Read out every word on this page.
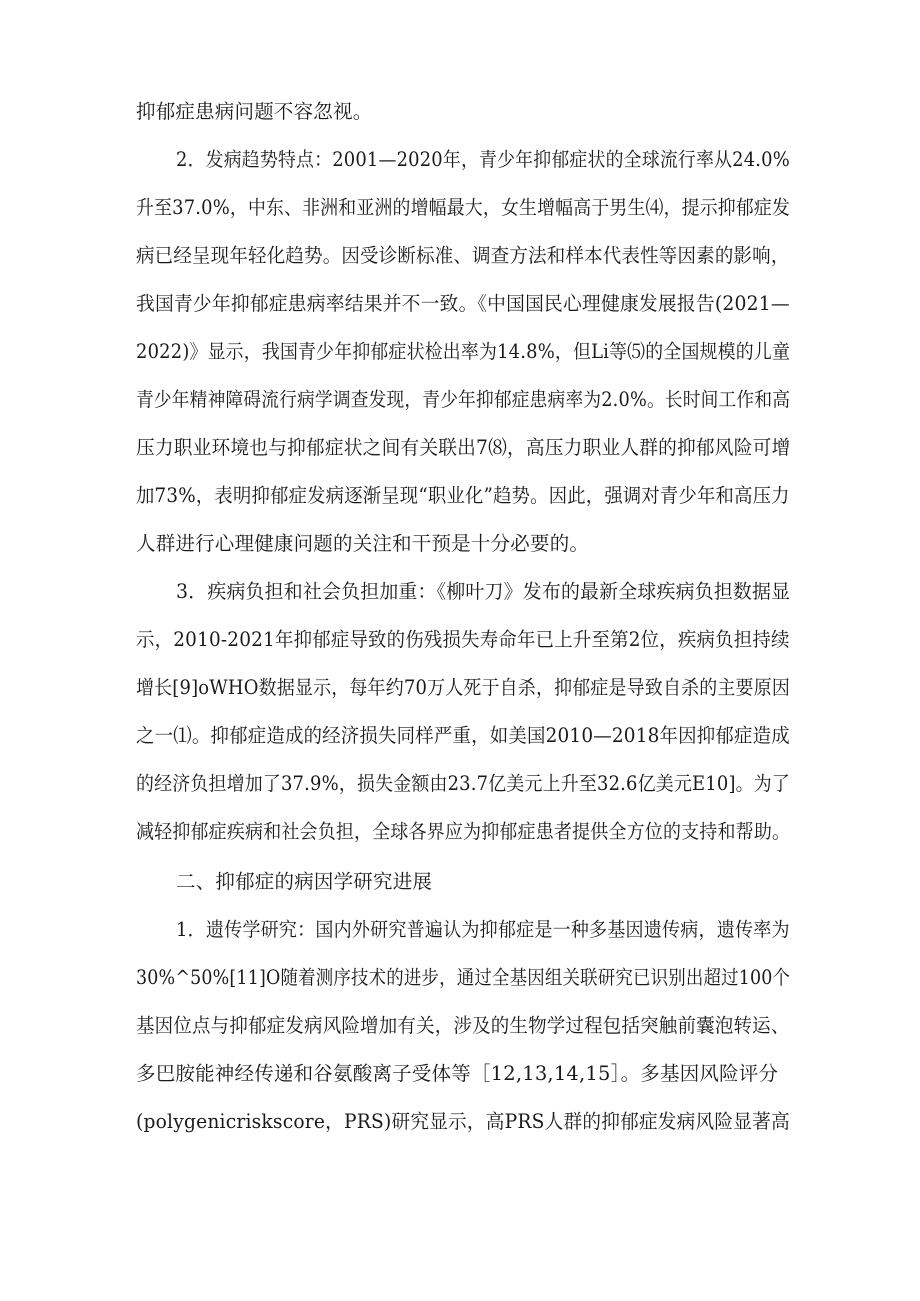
抑郁症患病问题不容忽视。

2．发病趋势特点：2001—2020年，青少年抑郁症状的全球流行率从24.0%

升至37.0%，中东、非洲和亚洲的增幅最大，女生增幅高于男生⑷，提示抑郁症发

病已经呈现年轻化趋势。因受诊断标准、调查方法和样本代表性等因素的影响，

我国青少年抑郁症患病率结果并不一致。《中国国民心理健康发展报告(2021—

2022)》显示，我国青少年抑郁症状检出率为14.8%，但Li等⑸的全国规模的儿童

青少年精神障碍流行病学调查发现，青少年抑郁症患病率为2.0%。长时间工作和高

压力职业环境也与抑郁症状之间有关联出7⑻，高压力职业人群的抑郁风险可增

加73%，表明抑郁症发病逐渐呈现“职业化”趋势。因此，强调对青少年和高压力

人群进行心理健康问题的关注和干预是十分必要的。

3．疾病负担和社会负担加重：《柳叶刀》发布的最新全球疾病负担数据显

示，2010-2021年抑郁症导致的伤残损失寿命年已上升至第2位，疾病负担持续

增长[9]oWHO数据显示，每年约70万人死于自杀，抑郁症是导致自杀的主要原因

之一⑴。抑郁症造成的经济损失同样严重，如美国2010—2018年因抑郁症造成

的经济负担增加了37.9%，损失金额由23.7亿美元上升至32.6亿美元E10]。为了

减轻抑郁症疾病和社会负担，全球各界应为抑郁症患者提供全方位的支持和帮助。

二、抑郁症的病因学研究进展

1．遗传学研究：国内外研究普遍认为抑郁症是一种多基因遗传病，遗传率为

30%^50%[11]O随着测序技术的进步，通过全基因组关联研究已识别出超过100个

基因位点与抑郁症发病风险增加有关，涉及的生物学过程包括突触前囊泡转运、

多巴胺能神经传递和谷氨酸离子受体等［12,13,14,15］。多基因风险评分

(polygenicriskscore，PRS)研究显示，高PRS人群的抑郁症发病风险显著高
